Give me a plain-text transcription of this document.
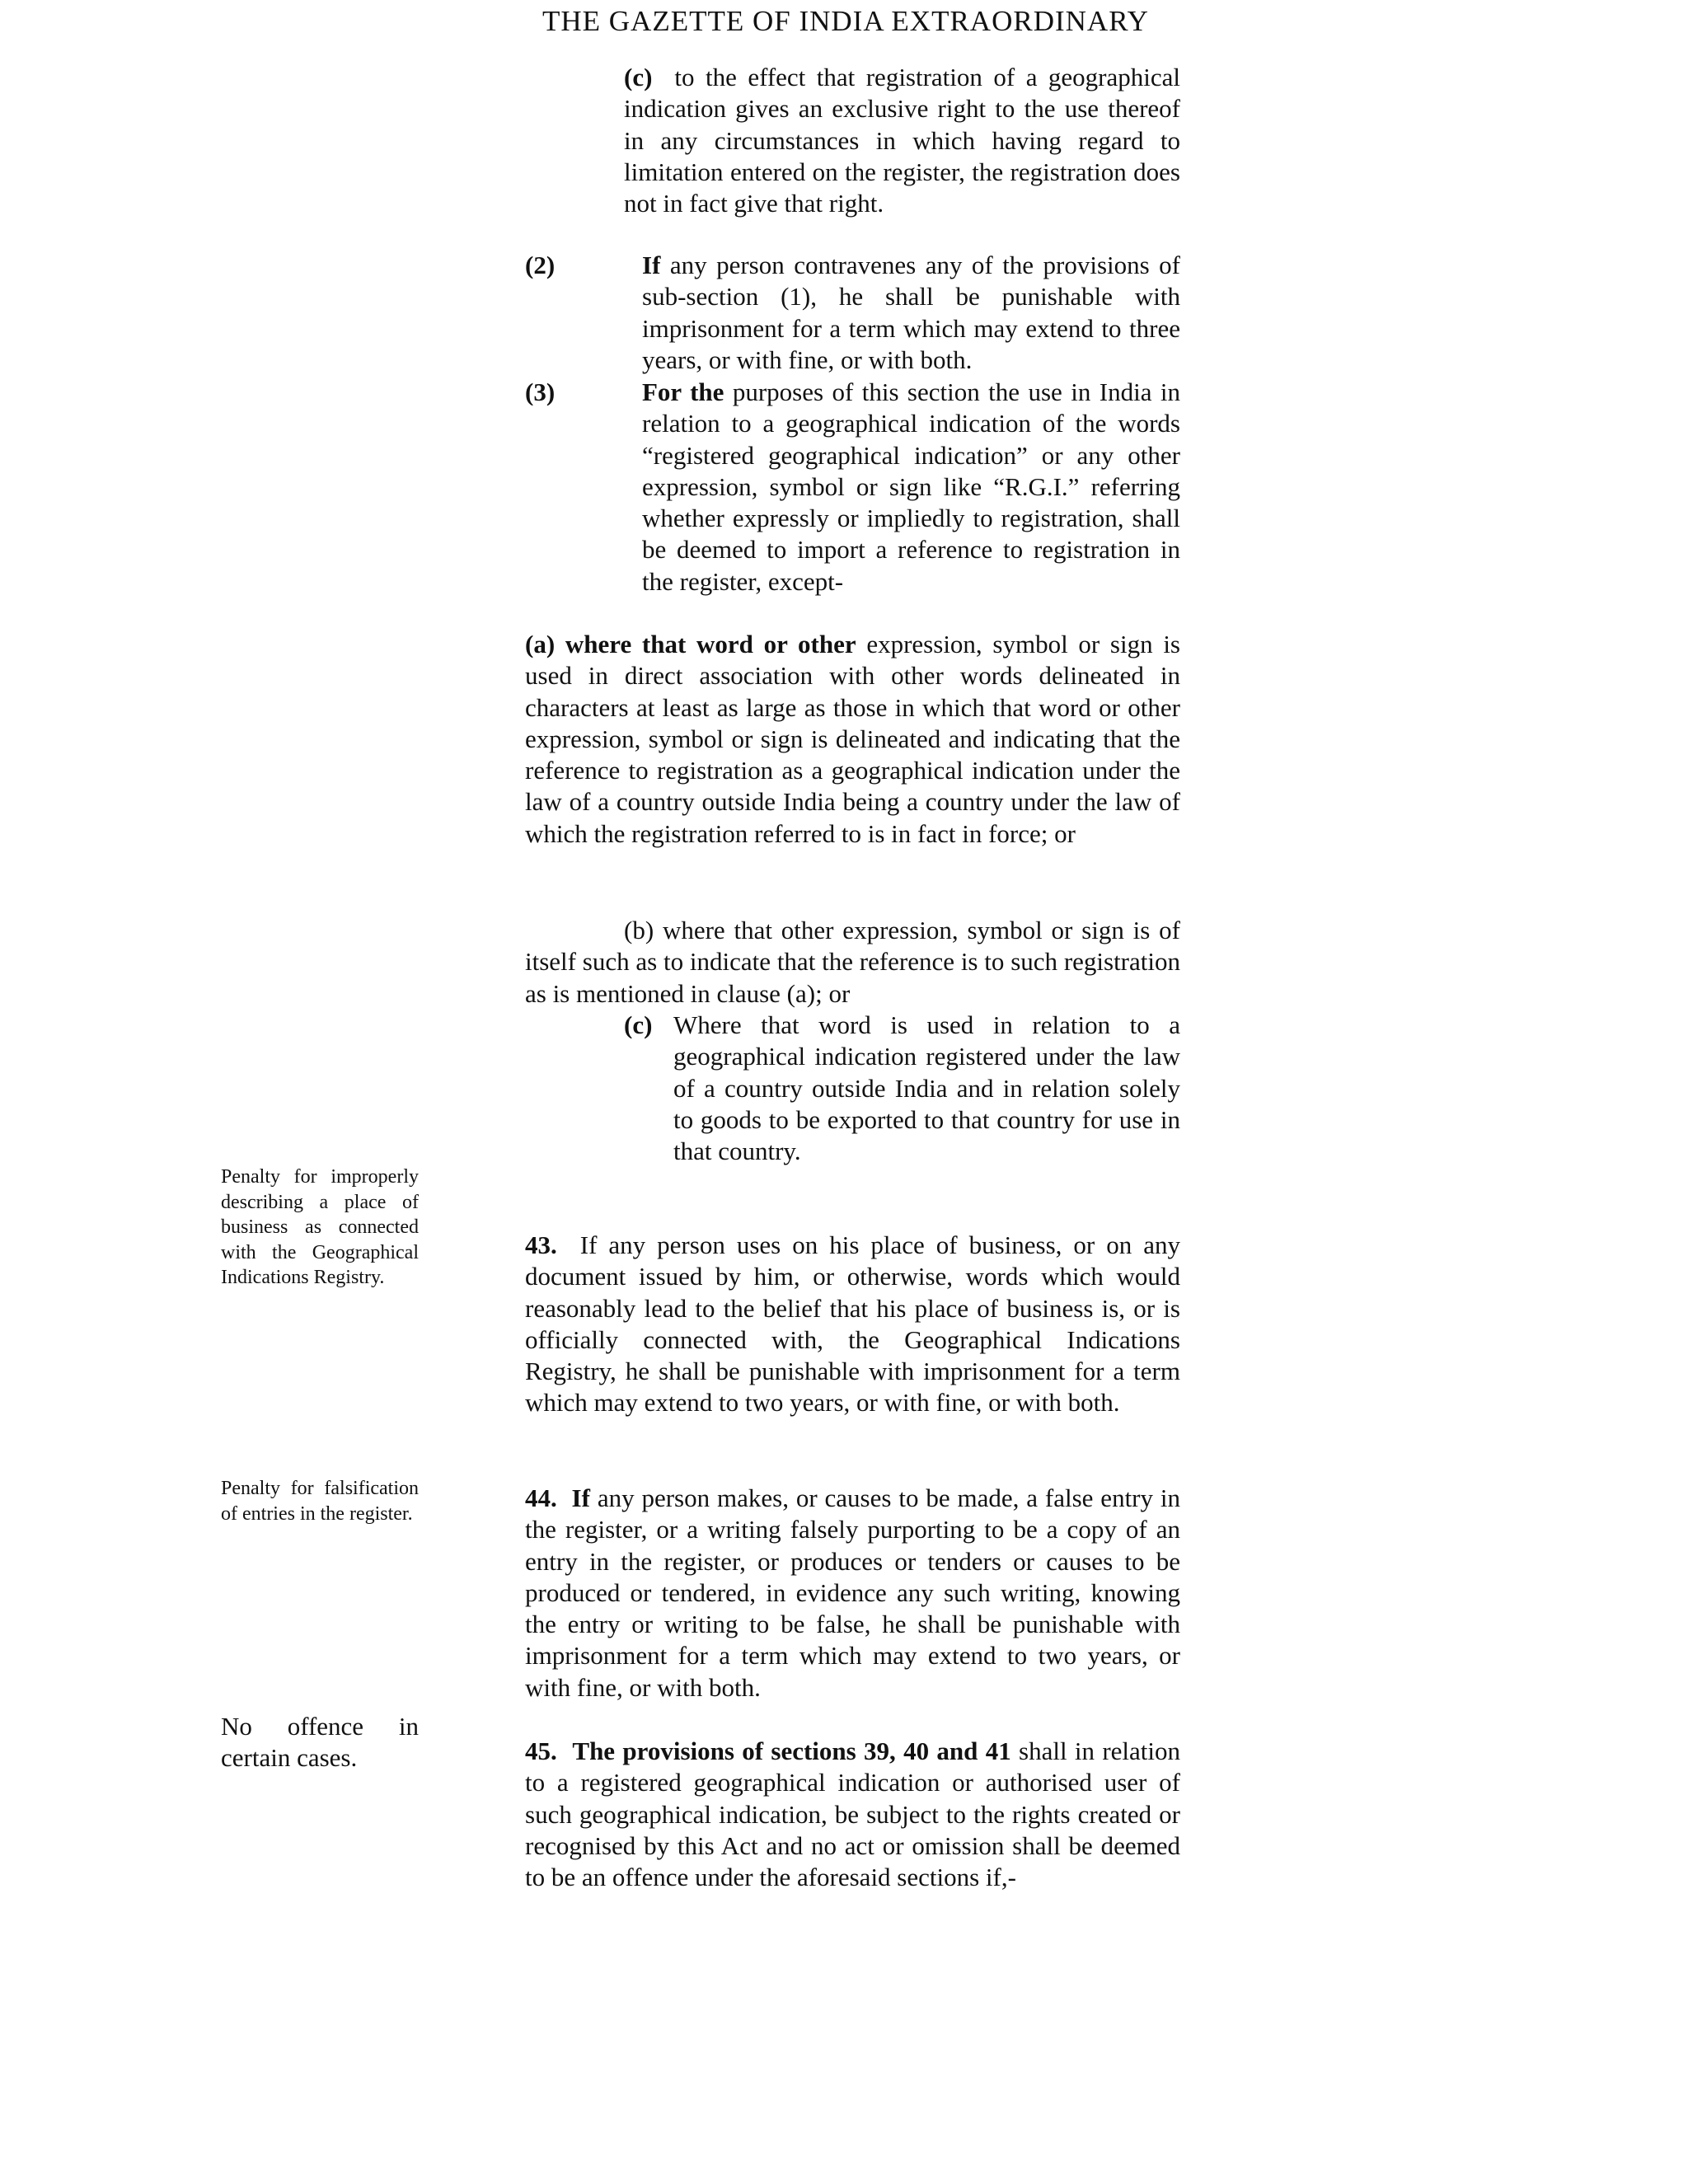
THE GAZETTE OF INDIA EXTRAORDINARY
(c) to the effect that registration of a geographical indication gives an exclusive right to the use thereof in any circumstances in which having regard to limitation entered on the register, the registration does not in fact give that right.
(2)	If any person contravenes any of the provisions of sub-section (1), he shall be punishable with imprisonment for a term which may extend to three years, or with fine, or with both.
(3)	For the purposes of this section the use in India in relation to a geographical indication of the words “registered geographical indication” or any other expression, symbol or sign like “R.G.I.” referring whether expressly or impliedly to registration, shall be deemed to import a reference to registration in the register, except-

(a) where that word or other expression, symbol or sign is used in direct association with other words delineated in characters at least as large as those in which that word or other expression, symbol or sign is delineated and indicating that the reference to registration as a geographical indication under the law of a country outside India being a country under the law of which the registration referred to is in fact in force; or

(b) where that other expression, symbol or sign is of itself such as to indicate that the reference is to such registration as is mentioned in clause (a); or

(c) Where that word is used in relation to a geographical indication registered under the law of a country outside India and in relation solely to goods to be exported to that country for use in that country.
Penalty for improperly describing a place of business as connected with the Geographical Indications Registry.
Penalty for falsification of entries in the register.
No offence in certain cases.

43. If any person uses on his place of business, or on any document issued by him, or otherwise, words which would reasonably lead to the belief that his place of business is, or is officially connected with, the Geographical Indications Registry, he shall be punishable with imprisonment for a term which may extend to two years, or with fine, or with both.

44. If any person makes, or causes to be made, a false entry in the register, or a writing falsely purporting to be a copy of an entry in the register, or produces or tenders or causes to be produced or tendered, in evidence any such writing, knowing the entry or writing to be false, he shall be punishable with imprisonment for a term which may extend to two years, or with fine, or with both.

45. The provisions of sections 39, 40 and 41 shall in relation to a registered geographical indication or authorised user of such geographical indication, be subject to the rights created or recognised by this Act and no act or omission shall be deemed to be an offence under the aforesaid sections if,-
